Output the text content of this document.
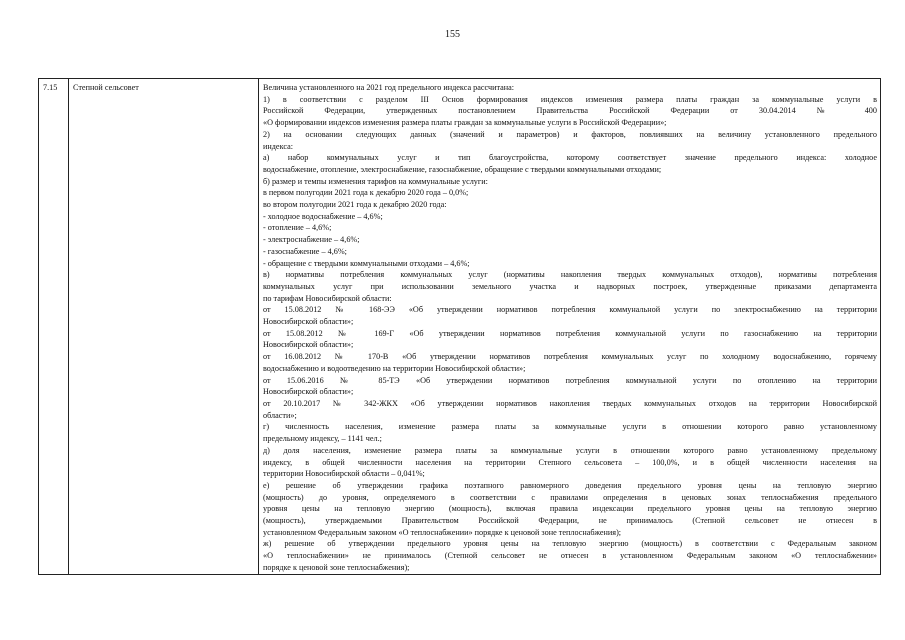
155
7.15	Степной сельсовет	Величина установленного на 2021 год предельного индекса рассчитана:
1) в соответствии с разделом III Основ формирования индексов изменения размера платы граждан за коммунальные услуги в
Российской Федерации, утвержденных постановлением Правительства Российской Федерации от 30.04.2014 № 400
«О формировании индексов изменения размера платы граждан за коммунальные услуги в Российской Федерации»;
2) на основании следующих данных (значений и параметров) и факторов, повлиявших на величину установленного предельного
индекса:
а) набор коммунальных услуг и тип благоустройства, которому соответствует значение предельного индекса: холодное
водоснабжение, отопление, электроснабжение, газоснабжение, обращение с твердыми коммунальными отходами;
б) размер и темпы изменения тарифов на коммунальные услуги:
в первом полугодии 2021 года к декабрю 2020 года – 0,0%;
во втором полугодии 2021 года к декабрю 2020 года:
- холодное водоснабжение – 4,6%;
- отопление – 4,6%;
- электроснабжение – 4,6%;
- газоснабжение – 4,6%;
- обращение с твердыми коммунальными отходами – 4,6%;
в) нормативы потребления коммунальных услуг (нормативы накопления твердых коммунальных отходов), нормативы потребления
коммунальных услуг при использовании земельного участка и надворных построек, утвержденные приказами департамента
по тарифам Новосибирской области:
от 15.08.2012 № 168-ЭЭ «Об утверждении нормативов потребления коммунальной услуги по электроснабжению на территории
Новосибирской области»;
от 15.08.2012 № 169-Г «Об утверждении нормативов потребления коммунальной услуги по газоснабжению на территории
Новосибирской области»;
от 16.08.2012 № 170-В «Об утверждении нормативов потребления коммунальных услуг по холодному водоснабжению, горячему
водоснабжению и водоотведению на территории Новосибирской области»;
от 15.06.2016 № 85-ТЭ «Об утверждении нормативов потребления коммунальной услуги по отоплению на территории
Новосибирской области»;
от 20.10.2017 № 342-ЖКХ «Об утверждении нормативов накопления твердых коммунальных отходов на территории Новосибирской
области»;
г) численность населения, изменение размера платы за коммунальные услуги в отношении которого равно установленному
предельному индексу, – 1141 чел.;
д) доля населения, изменение размера платы за коммунальные услуги в отношении которого равно установленному предельному
индексу, в общей численности населения на территории Степного сельсовета – 100,0%, и в общей численности населения на
территории Новосибирской области – 0,041%;
е) решение об утверждении графика поэтапного равномерного доведения предельного уровня цены на тепловую энергию
(мощность) до уровня, определяемого в соответствии с правилами определения в ценовых зонах теплоснабжения предельного
уровня цены на тепловую энергию (мощность), включая правила индексации предельного уровня цены на тепловую энергию
(мощность), утверждаемыми Правительством Российской Федерации, не принималось (Степной сельсовет не отнесен в
установленном Федеральным законом «О теплоснабжении» порядке к ценовой зоне теплоснабжения);
ж) решение об утверждении предельного уровня цены на тепловую энергию (мощность) в соответствии с Федеральным законом
«О теплоснабжении» не принималось (Степной сельсовет не отнесен в установленном Федеральным законом «О теплоснабжении»
порядке к ценовой зоне теплоснабжения);
